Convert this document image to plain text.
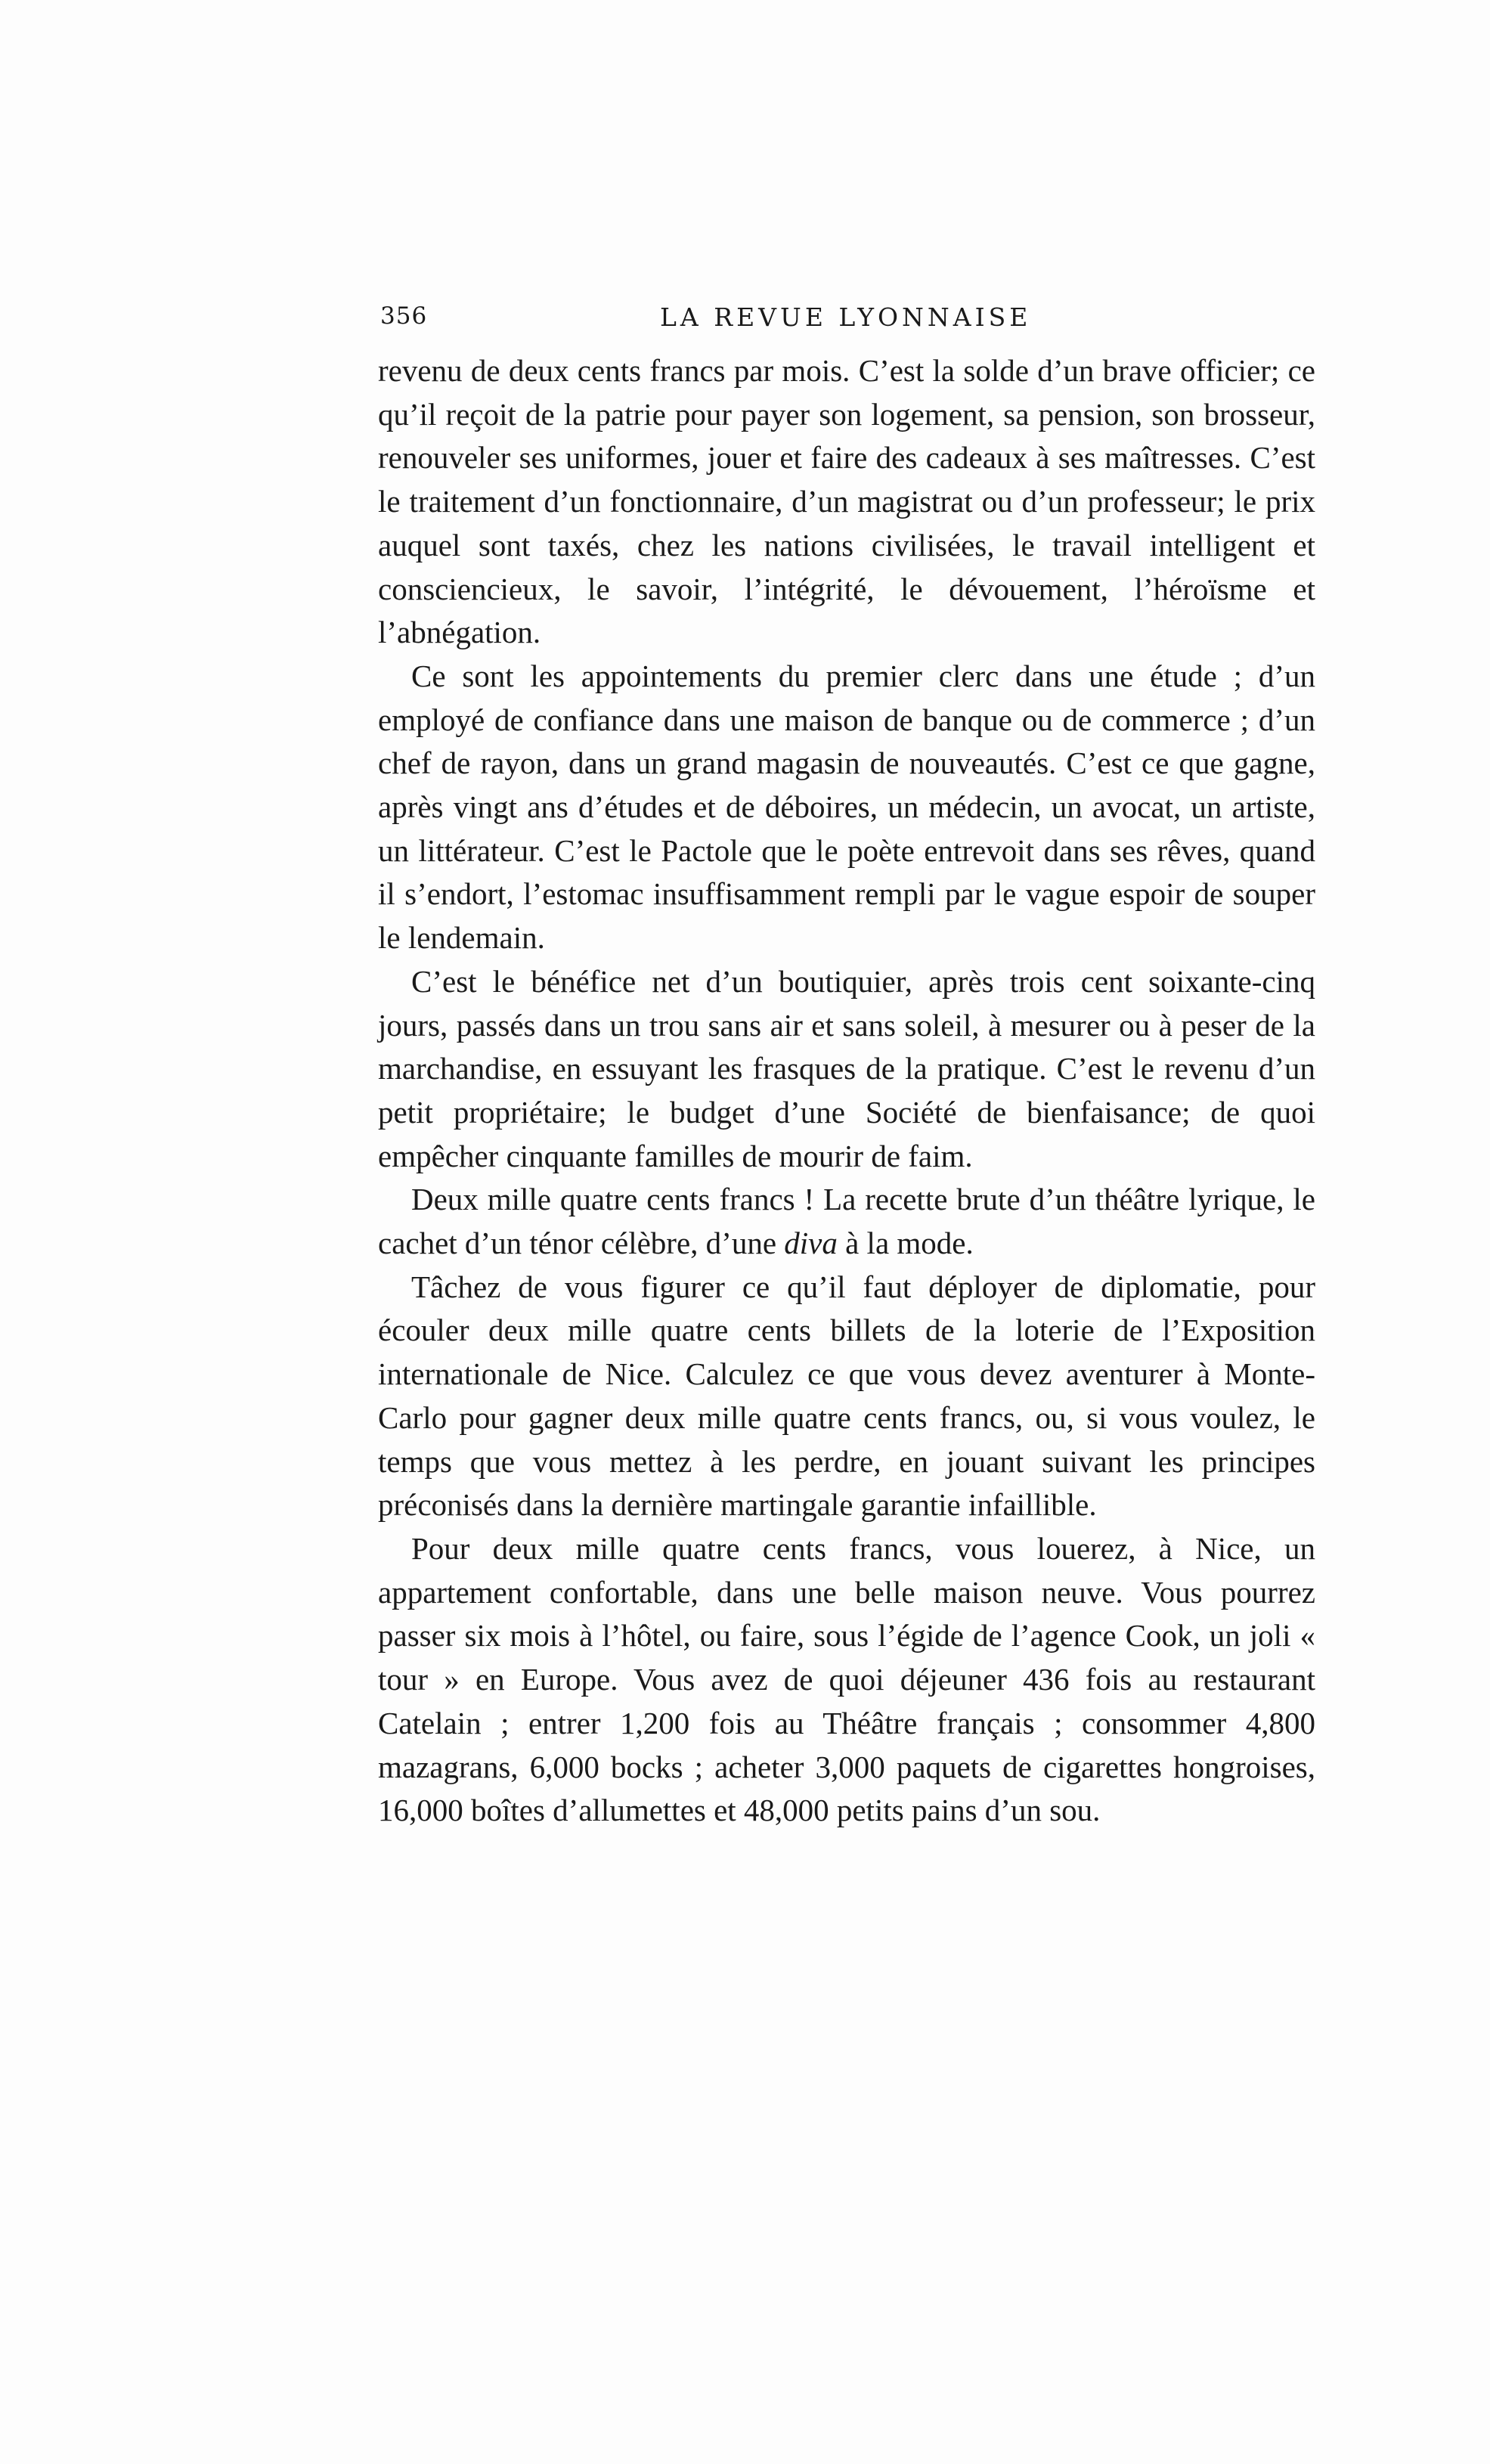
356	LA REVUE LYONNAISE

revenu de deux cents francs par mois. C’est la solde d’un brave officier; ce qu’il reçoit de la patrie pour payer son logement, sa pension, son brosseur, renouveler ses uniformes, jouer et faire des cadeaux à ses maîtresses. C’est le traitement d’un fonctionnaire, d’un magistrat ou d’un professeur; le prix auquel sont taxés, chez les nations civilisées, le travail intelligent et consciencieux, le savoir, l’intégrité, le dévouement, l’héroïsme et l’abnégation.

Ce sont les appointements du premier clerc dans une étude ; d’un employé de confiance dans une maison de banque ou de commerce ; d’un chef de rayon, dans un grand magasin de nouveautés. C’est ce que gagne, après vingt ans d’études et de déboires, un médecin, un avocat, un artiste, un littérateur. C’est le Pactole que le poète entrevoit dans ses rêves, quand il s’endort, l’estomac insuffisamment rempli par le vague espoir de souper le lendemain.

C’est le bénéfice net d’un boutiquier, après trois cent soixante-cinq jours, passés dans un trou sans air et sans soleil, à mesurer ou à peser de la marchandise, en essuyant les frasques de la pratique. C’est le revenu d’un petit propriétaire; le budget d’une Société de bienfaisance; de quoi empêcher cinquante familles de mourir de faim.

Deux mille quatre cents francs ! La recette brute d’un théâtre lyrique, le cachet d’un ténor célèbre, d’une diva à la mode.

Tâchez de vous figurer ce qu’il faut déployer de diplomatie, pour écouler deux mille quatre cents billets de la loterie de l’Exposition internationale de Nice. Calculez ce que vous devez aventurer à Monte-Carlo pour gagner deux mille quatre cents francs, ou, si vous voulez, le temps que vous mettez à les perdre, en jouant suivant les principes préconisés dans la dernière martingale garantie infaillible.

Pour deux mille quatre cents francs, vous louerez, à Nice, un appartement confortable, dans une belle maison neuve. Vous pourrez passer six mois à l’hôtel, ou faire, sous l’égide de l’agence Cook, un joli « tour » en Europe. Vous avez de quoi déjeuner 436 fois au restaurant Catelain ; entrer 1,200 fois au Théâtre français ; consommer 4,800 mazagrans, 6,000 bocks ; acheter 3,000 paquets de cigarettes hongroises, 16,000 boîtes d’allumettes et 48,000 petits pains d’un sou.
